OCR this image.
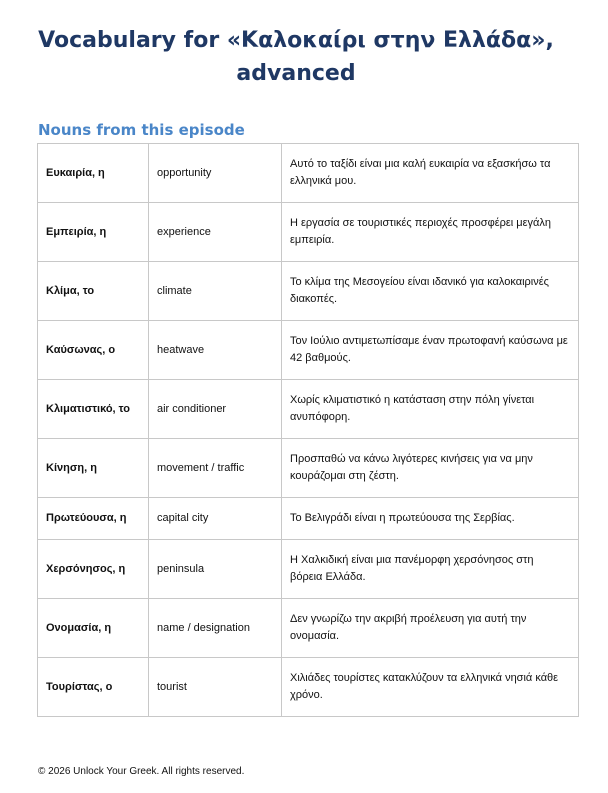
Vocabulary for «Καλοκαίρι στην Ελλάδα», advanced
Nouns from this episode
Ευκαιρία, η	opportunity	Αυτό το ταξίδι είναι μια καλή ευκαιρία να εξασκήσω τα ελληνικά μου.
Εμπειρία, η	experience	Η εργασία σε τουριστικές περιοχές προσφέρει μεγάλη εμπειρία.
Κλίμα, το	climate	Το κλίμα της Μεσογείου είναι ιδανικό για καλοκαιρινές διακοπές.
Καύσωνας, ο	heatwave	Τον Ιούλιο αντιμετωπίσαμε έναν πρωτοφανή καύσωνα με 42 βαθμούς.
Κλιματιστικό, το	air conditioner	Χωρίς κλιματιστικό η κατάσταση στην πόλη γίνεται ανυπόφορη.
Κίνηση, η	movement / traffic	Προσπαθώ να κάνω λιγότερες κινήσεις για να μην κουράζομαι στη ζέστη.
Πρωτεύουσα, η	capital city	Το Βελιγράδι είναι η πρωτεύουσα της Σερβίας.
Χερσόνησος, η	peninsula	Η Χαλκιδική είναι μια πανέμορφη χερσόνησος στη βόρεια Ελλάδα.
Ονομασία, η	name / designation	Δεν γνωρίζω την ακριβή προέλευση για αυτή την ονομασία.
Τουρίστας, ο	tourist	Χιλιάδες τουρίστες κατακλύζουν τα ελληνικά νησιά κάθε χρόνο.

© 2026 Unlock Your Greek. All rights reserved.
